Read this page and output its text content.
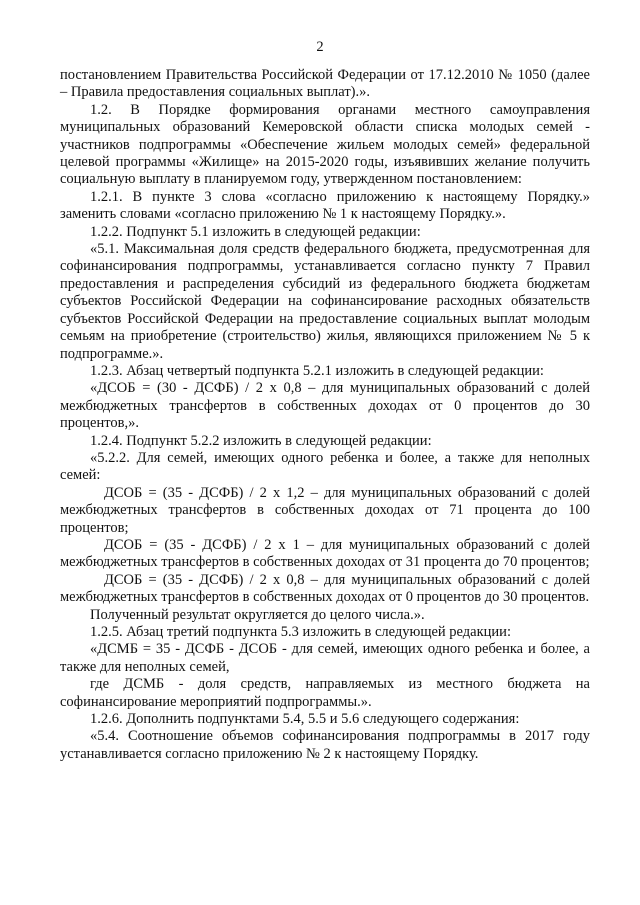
2

постановлением Правительства Российской Федерации от 17.12.2010 № 1050 (далее – Правила предоставления социальных выплат).».

1.2. В Порядке формирования органами местного самоуправления муниципальных образований Кемеровской области списка молодых семей - участников подпрограммы «Обеспечение жильем молодых семей» федеральной целевой программы «Жилище» на 2015-2020 годы, изъявивших желание получить социальную выплату в планируемом году, утвержденном постановлением:

1.2.1. В пункте 3 слова «согласно приложению к настоящему Порядку.» заменить словами «согласно приложению № 1 к настоящему Порядку.».

1.2.2. Подпункт 5.1 изложить в следующей редакции:

«5.1. Максимальная доля средств федерального бюджета, предусмотренная для софинансирования подпрограммы, устанавливается согласно пункту 7 Правил предоставления и распределения субсидий из федерального бюджета бюджетам субъектов Российской Федерации на софинансирование расходных обязательств субъектов Российской Федерации на предоставление социальных выплат молодым семьям на приобретение (строительство) жилья, являющихся приложением № 5 к подпрограмме.».

1.2.3. Абзац четвертый подпункта 5.2.1 изложить в следующей редакции:

«ДСОБ = (30 - ДСФБ) / 2 х 0,8 – для муниципальных образований с долей межбюджетных трансфертов в собственных доходах от 0 процентов до 30 процентов,».

1.2.4. Подпункт 5.2.2 изложить в следующей редакции:

«5.2.2. Для семей, имеющих одного ребенка и более, а также для неполных семей:

ДСОБ = (35 - ДСФБ) / 2 х 1,2 – для муниципальных образований с долей межбюджетных трансфертов в собственных доходах от 71 процента до 100 процентов;

ДСОБ = (35 - ДСФБ) / 2 х 1 – для муниципальных образований с долей межбюджетных трансфертов в собственных доходах от 31 процента до 70 процентов;

ДСОБ = (35 - ДСФБ) / 2 х 0,8 – для муниципальных образований с долей межбюджетных трансфертов в собственных доходах от 0 процентов до 30 процентов.

Полученный результат округляется до целого числа.».

1.2.5. Абзац третий подпункта 5.3 изложить в следующей редакции:

«ДСМБ = 35 - ДСФБ - ДСОБ - для семей, имеющих одного ребенка и более, а также для неполных семей,

где ДСМБ - доля средств, направляемых из местного бюджета на софинансирование мероприятий подпрограммы.».

1.2.6. Дополнить подпунктами 5.4, 5.5 и 5.6 следующего содержания:

«5.4. Соотношение объемов софинансирования подпрограммы в 2017 году устанавливается согласно приложению № 2 к настоящему Порядку.
